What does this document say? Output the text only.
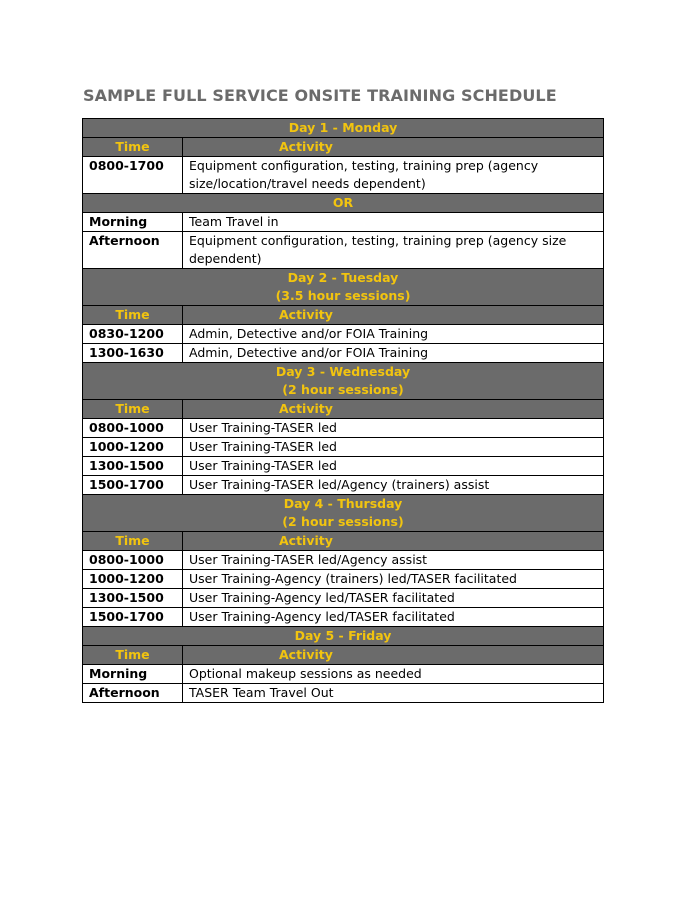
SAMPLE FULL SERVICE ONSITE TRAINING SCHEDULE
Day 1 - Monday	
Time	Activity
0800-1700	Equipment configuration, testing, training prep (agency size/location/travel needs dependent)
OR	
Morning	Team Travel in
Afternoon	Equipment configuration, testing, training prep (agency size dependent)

Day 2 - Tuesday
(3.5 hour sessions)	

Time	Activity
0830-1200	Admin, Detective and/or FOIA Training
1300-1630	Admin, Detective and/or FOIA Training

Day 3 - Wednesday
(2 hour sessions)	

Time	Activity
0800-1000	User Training-TASER led
1000-1200	User Training-TASER led
1300-1500	User Training-TASER led
1500-1700	User Training-TASER led/Agency (trainers) assist

Day 4 - Thursday
(2 hour sessions)	

Time	Activity
0800-1000	User Training-TASER led/Agency assist
1000-1200	User Training-Agency (trainers) led/TASER facilitated
1300-1500	User Training-Agency led/TASER facilitated
1500-1700	User Training-Agency led/TASER facilitated
Day 5 - Friday	
Time	Activity
Morning	Optional makeup sessions as needed
Afternoon	TASER Team Travel Out
